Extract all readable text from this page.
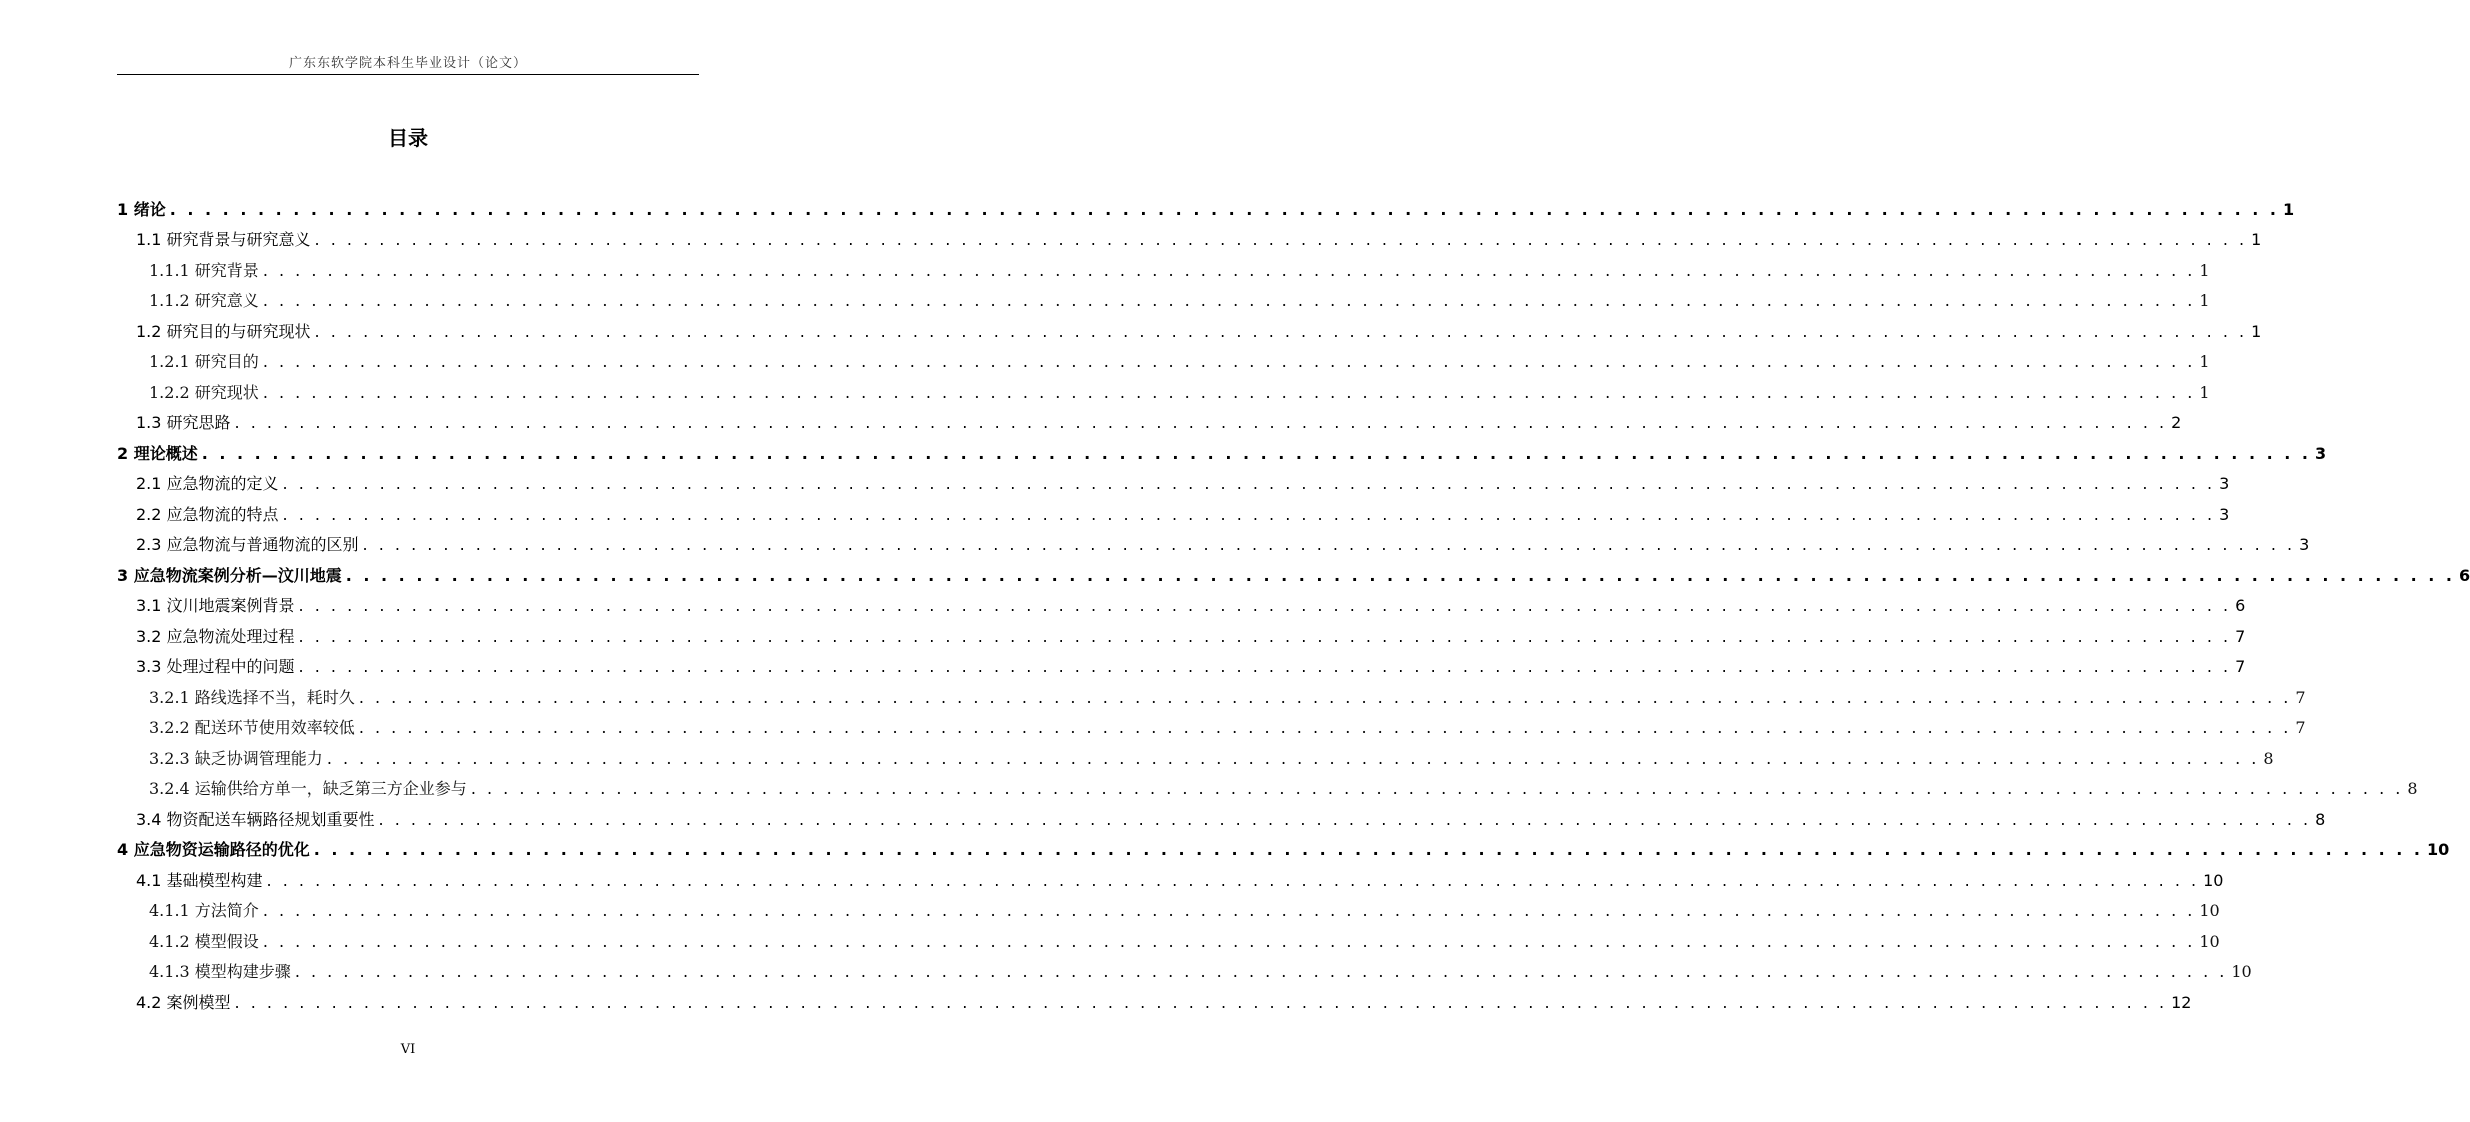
广东东软学院本科生毕业设计（论文）
目录
1 绪论 . . . . . . . . . . . . . . . . . . . . . . . . . . . . . . . . . . . . . . . . . . . . . . . . . . . . . . . . . . . . . . . . . . . . . . . . . . . . . . . . . . . . . . . . . . . . . . . . . . . . . . . . . . . . . . . . . . . . . . . . 1
1.1 研究背景与研究意义 . . . . . . . . . . . . . . . . . . . . . . . . . . . . . . . . . . . . . . . . . . . . . . . . . . . . . . . . . . . . . . . . . . . . . . . . . . . . . . . . . . . . . . . . . . . . . . . . . . . . . . . . . . . . . . . . . . . . . . . . 1
1.1.1 研究背景 . . . . . . . . . . . . . . . . . . . . . . . . . . . . . . . . . . . . . . . . . . . . . . . . . . . . . . . . . . . . . . . . . . . . . . . . . . . . . . . . . . . . . . . . . . . . . . . . . . . . . . . . . . . . . . . . . . . . . . . . 1
1.1.2 研究意义 . . . . . . . . . . . . . . . . . . . . . . . . . . . . . . . . . . . . . . . . . . . . . . . . . . . . . . . . . . . . . . . . . . . . . . . . . . . . . . . . . . . . . . . . . . . . . . . . . . . . . . . . . . . . . . . . . . . . . . . . 1
1.2 研究目的与研究现状 . . . . . . . . . . . . . . . . . . . . . . . . . . . . . . . . . . . . . . . . . . . . . . . . . . . . . . . . . . . . . . . . . . . . . . . . . . . . . . . . . . . . . . . . . . . . . . . . . . . . . . . . . . . . . . . . . . . . . . . . 1
1.2.1 研究目的 . . . . . . . . . . . . . . . . . . . . . . . . . . . . . . . . . . . . . . . . . . . . . . . . . . . . . . . . . . . . . . . . . . . . . . . . . . . . . . . . . . . . . . . . . . . . . . . . . . . . . . . . . . . . . . . . . . . . . . . . 1
1.2.2 研究现状 . . . . . . . . . . . . . . . . . . . . . . . . . . . . . . . . . . . . . . . . . . . . . . . . . . . . . . . . . . . . . . . . . . . . . . . . . . . . . . . . . . . . . . . . . . . . . . . . . . . . . . . . . . . . . . . . . . . . . . . . 1
1.3 研究思路 . . . . . . . . . . . . . . . . . . . . . . . . . . . . . . . . . . . . . . . . . . . . . . . . . . . . . . . . . . . . . . . . . . . . . . . . . . . . . . . . . . . . . . . . . . . . . . . . . . . . . . . . . . . . . . . . . . . . . . . . 2
2 理论概述 . . . . . . . . . . . . . . . . . . . . . . . . . . . . . . . . . . . . . . . . . . . . . . . . . . . . . . . . . . . . . . . . . . . . . . . . . . . . . . . . . . . . . . . . . . . . . . . . . . . . . . . . . . . . . . . . . . . . . . . . 3
2.1 应急物流的定义 . . . . . . . . . . . . . . . . . . . . . . . . . . . . . . . . . . . . . . . . . . . . . . . . . . . . . . . . . . . . . . . . . . . . . . . . . . . . . . . . . . . . . . . . . . . . . . . . . . . . . . . . . . . . . . . . . . . . . . . . 3
2.2 应急物流的特点 . . . . . . . . . . . . . . . . . . . . . . . . . . . . . . . . . . . . . . . . . . . . . . . . . . . . . . . . . . . . . . . . . . . . . . . . . . . . . . . . . . . . . . . . . . . . . . . . . . . . . . . . . . . . . . . . . . . . . . . . 3
2.3 应急物流与普通物流的区别 . . . . . . . . . . . . . . . . . . . . . . . . . . . . . . . . . . . . . . . . . . . . . . . . . . . . . . . . . . . . . . . . . . . . . . . . . . . . . . . . . . . . . . . . . . . . . . . . . . . . . . . . . . . . . . . . . . . . . . . . 3
3 应急物流案例分析—汶川地震 . . . . . . . . . . . . . . . . . . . . . . . . . . . . . . . . . . . . . . . . . . . . . . . . . . . . . . . . . . . . . . . . . . . . . . . . . . . . . . . . . . . . . . . . . . . . . . . . . . . . . . . . . . . . . . . . . . . . . . . . 6
3.1 汶川地震案例背景 . . . . . . . . . . . . . . . . . . . . . . . . . . . . . . . . . . . . . . . . . . . . . . . . . . . . . . . . . . . . . . . . . . . . . . . . . . . . . . . . . . . . . . . . . . . . . . . . . . . . . . . . . . . . . . . . . . . . . . . . 6
3.2 应急物流处理过程 . . . . . . . . . . . . . . . . . . . . . . . . . . . . . . . . . . . . . . . . . . . . . . . . . . . . . . . . . . . . . . . . . . . . . . . . . . . . . . . . . . . . . . . . . . . . . . . . . . . . . . . . . . . . . . . . . . . . . . . . 7
3.3 处理过程中的问题 . . . . . . . . . . . . . . . . . . . . . . . . . . . . . . . . . . . . . . . . . . . . . . . . . . . . . . . . . . . . . . . . . . . . . . . . . . . . . . . . . . . . . . . . . . . . . . . . . . . . . . . . . . . . . . . . . . . . . . . . 7
3.2.1 路线选择不当，耗时久 . . . . . . . . . . . . . . . . . . . . . . . . . . . . . . . . . . . . . . . . . . . . . . . . . . . . . . . . . . . . . . . . . . . . . . . . . . . . . . . . . . . . . . . . . . . . . . . . . . . . . . . . . . . . . . . . . . . . . . . . 7
3.2.2 配送环节使用效率较低 . . . . . . . . . . . . . . . . . . . . . . . . . . . . . . . . . . . . . . . . . . . . . . . . . . . . . . . . . . . . . . . . . . . . . . . . . . . . . . . . . . . . . . . . . . . . . . . . . . . . . . . . . . . . . . . . . . . . . . . . 7
3.2.3 缺乏协调管理能力 . . . . . . . . . . . . . . . . . . . . . . . . . . . . . . . . . . . . . . . . . . . . . . . . . . . . . . . . . . . . . . . . . . . . . . . . . . . . . . . . . . . . . . . . . . . . . . . . . . . . . . . . . . . . . . . . . . . . . . . . 8
3.2.4 运输供给方单一，缺乏第三方企业参与 . . . . . . . . . . . . . . . . . . . . . . . . . . . . . . . . . . . . . . . . . . . . . . . . . . . . . . . . . . . . . . . . . . . . . . . . . . . . . . . . . . . . . . . . . . . . . . . . . . . . . . . . . . . . . . . . . . . . . . . . 8
3.4 物资配送车辆路径规划重要性 . . . . . . . . . . . . . . . . . . . . . . . . . . . . . . . . . . . . . . . . . . . . . . . . . . . . . . . . . . . . . . . . . . . . . . . . . . . . . . . . . . . . . . . . . . . . . . . . . . . . . . . . . . . . . . . . . . . . . . . . 8
4 应急物资运输路径的优化 . . . . . . . . . . . . . . . . . . . . . . . . . . . . . . . . . . . . . . . . . . . . . . . . . . . . . . . . . . . . . . . . . . . . . . . . . . . . . . . . . . . . . . . . . . . . . . . . . . . . . . . . . . . . . . . . . . . . . . . . 10
4.1 基础模型构建 . . . . . . . . . . . . . . . . . . . . . . . . . . . . . . . . . . . . . . . . . . . . . . . . . . . . . . . . . . . . . . . . . . . . . . . . . . . . . . . . . . . . . . . . . . . . . . . . . . . . . . . . . . . . . . . . . . . . . . . . 10
4.1.1 方法简介 . . . . . . . . . . . . . . . . . . . . . . . . . . . . . . . . . . . . . . . . . . . . . . . . . . . . . . . . . . . . . . . . . . . . . . . . . . . . . . . . . . . . . . . . . . . . . . . . . . . . . . . . . . . . . . . . . . . . . . . . 10
4.1.2 模型假设 . . . . . . . . . . . . . . . . . . . . . . . . . . . . . . . . . . . . . . . . . . . . . . . . . . . . . . . . . . . . . . . . . . . . . . . . . . . . . . . . . . . . . . . . . . . . . . . . . . . . . . . . . . . . . . . . . . . . . . . . 10
4.1.3 模型构建步骤 . . . . . . . . . . . . . . . . . . . . . . . . . . . . . . . . . . . . . . . . . . . . . . . . . . . . . . . . . . . . . . . . . . . . . . . . . . . . . . . . . . . . . . . . . . . . . . . . . . . . . . . . . . . . . . . . . . . . . . . . 10
4.2 案例模型 . . . . . . . . . . . . . . . . . . . . . . . . . . . . . . . . . . . . . . . . . . . . . . . . . . . . . . . . . . . . . . . . . . . . . . . . . . . . . . . . . . . . . . . . . . . . . . . . . . . . . . . . . . . . . . . . . . . . . . . . 12
VI
